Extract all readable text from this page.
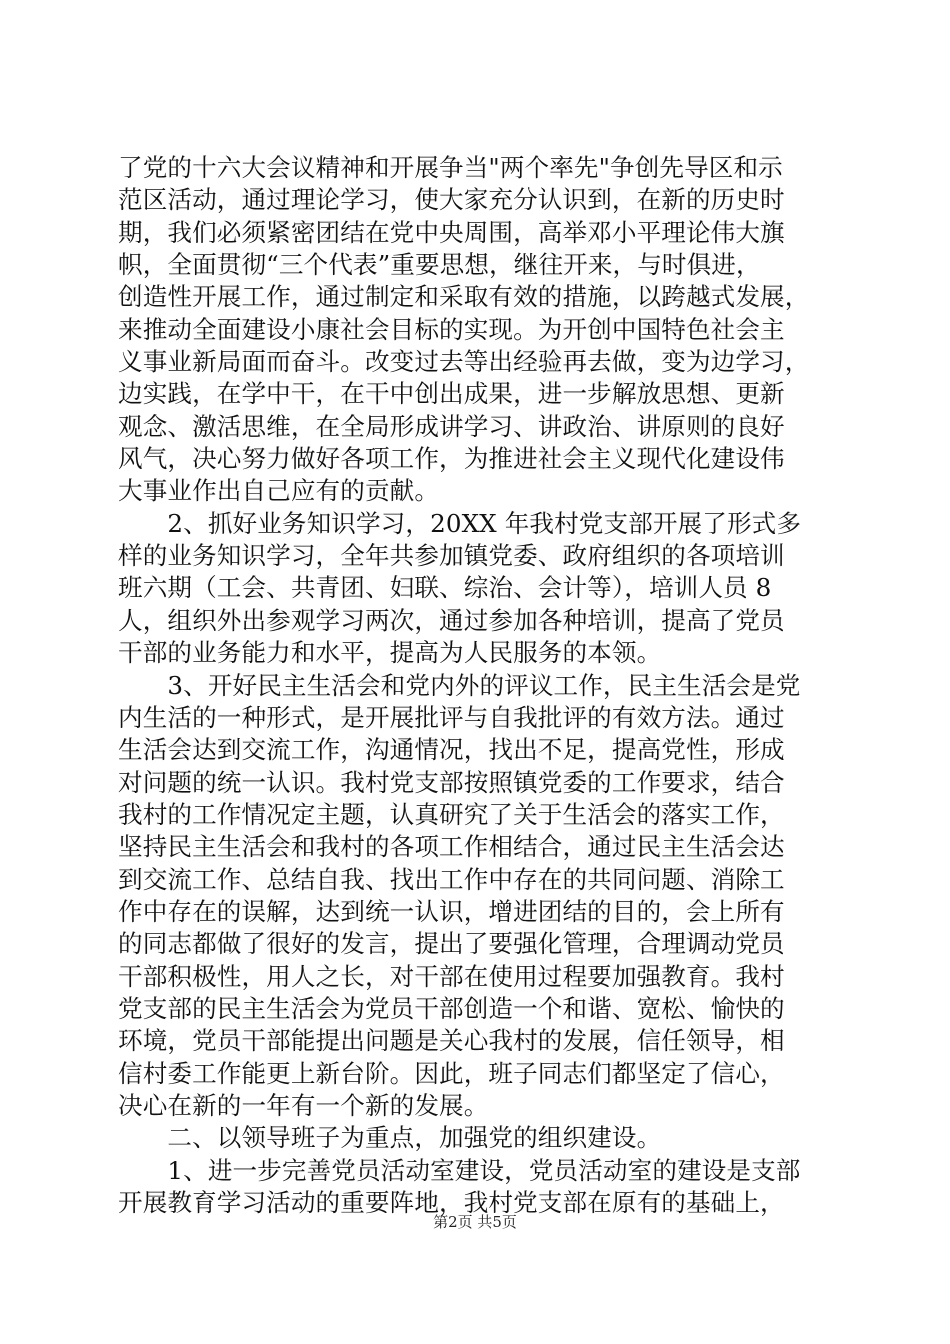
了党的十六大会议精神和开展争当"两个率先"争创先导区和示
范区活动，通过理论学习，使大家充分认识到，在新的历史时
期，我们必须紧密团结在党中央周围，高举邓小平理论伟大旗
帜，全面贯彻“三个代表”重要思想，继往开来，与时俱进，
创造性开展工作，通过制定和采取有效的措施，以跨越式发展，
来推动全面建设小康社会目标的实现。为开创中国特色社会主
义事业新局面而奋斗。改变过去等出经验再去做，变为边学习，
边实践，在学中干，在干中创出成果，进一步解放思想、更新
观念、激活思维，在全局形成讲学习、讲政治、讲原则的良好
风气，决心努力做好各项工作，为推进社会主义现代化建设伟
大事业作出自己应有的贡献。
　　2、抓好业务知识学习，20XX 年我村党支部开展了形式多
样的业务知识学习，全年共参加镇党委、政府组织的各项培训
班六期（工会、共青团、妇联、综治、会计等），培训人员 8
人，组织外出参观学习两次，通过参加各种培训，提高了党员
干部的业务能力和水平，提高为人民服务的本领。
　　3、开好民主生活会和党内外的评议工作，民主生活会是党
内生活的一种形式，是开展批评与自我批评的有效方法。通过
生活会达到交流工作，沟通情况，找出不足，提高党性，形成
对问题的统一认识。我村党支部按照镇党委的工作要求，结合
我村的工作情况定主题，认真研究了关于生活会的落实工作，
坚持民主生活会和我村的各项工作相结合，通过民主生活会达
到交流工作、总结自我、找出工作中存在的共同问题、消除工
作中存在的误解，达到统一认识，增进团结的目的，会上所有
的同志都做了很好的发言，提出了要强化管理，合理调动党员
干部积极性，用人之长，对干部在使用过程要加强教育。我村
党支部的民主生活会为党员干部创造一个和谐、宽松、愉快的
环境，党员干部能提出问题是关心我村的发展，信任领导，相
信村委工作能更上新台阶。因此，班子同志们都坚定了信心，
决心在新的一年有一个新的发展。
　　二、以领导班子为重点，加强党的组织建设。
　　1、进一步完善党员活动室建设，党员活动室的建设是支部
开展教育学习活动的重要阵地，我村党支部在原有的基础上，
第2页 共5页
